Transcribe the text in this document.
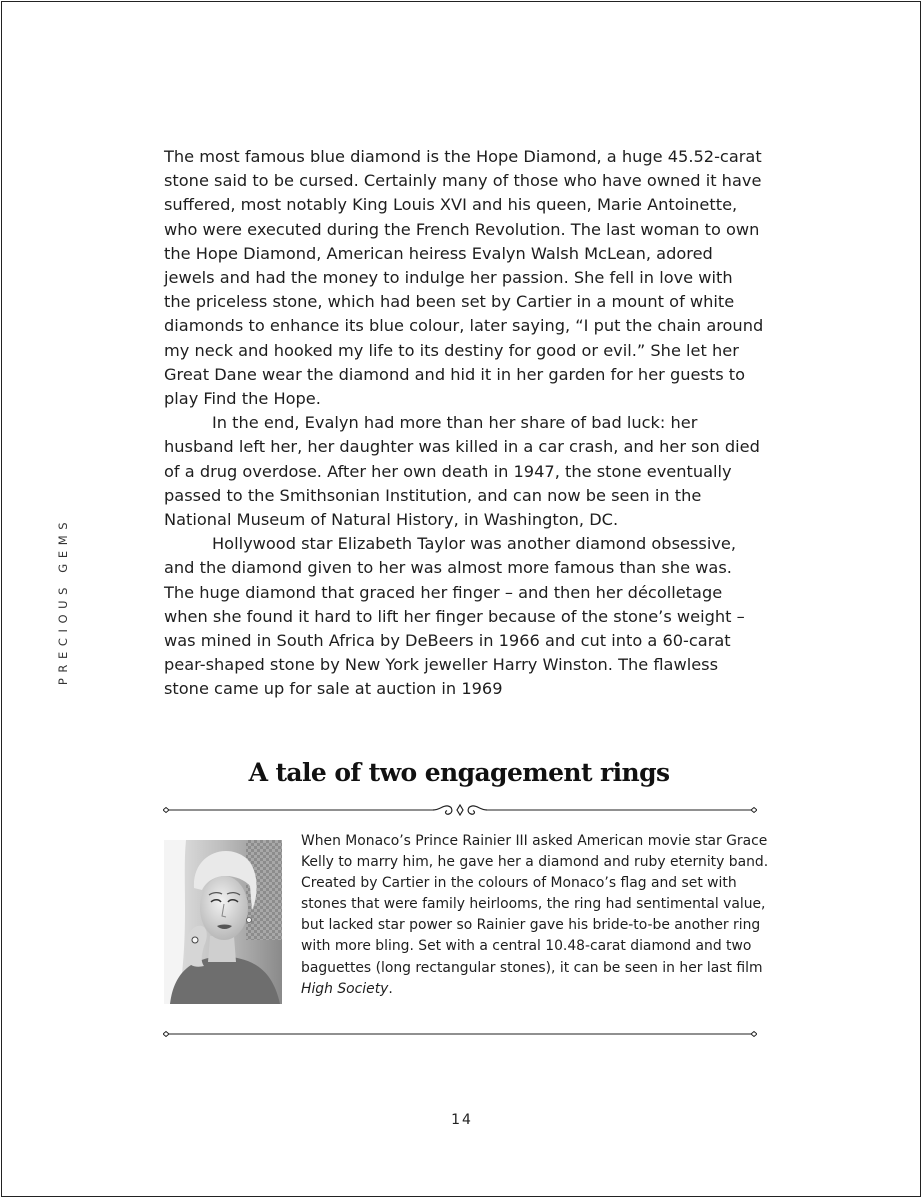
PRECIOUS GEMS

The most famous blue diamond is the Hope Diamond, a huge 45.52-carat stone said to be cursed. Certainly many of those who have owned it have suffered, most notably King Louis XVI and his queen, Marie Antoinette, who were executed during the French Revolution. The last woman to own the Hope Diamond, American heiress Evalyn Walsh McLean, adored jewels and had the money to indulge her passion. She fell in love with the priceless stone, which had been set by Cartier in a mount of white diamonds to enhance its blue colour, later saying, “I put the chain around my neck and hooked my life to its destiny for good or evil.” She let her Great Dane wear the diamond and hid it in her garden for her guests to play Find the Hope.

In the end, Evalyn had more than her share of bad luck: her husband left her, her daughter was killed in a car crash, and her son died of a drug overdose. After her own death in 1947, the stone eventually passed to the Smithsonian Institution, and can now be seen in the National Museum of Natural History, in Washington, DC.

Hollywood star Elizabeth Taylor was another diamond obsessive, and the diamond given to her was almost more famous than she was. The huge diamond that graced her finger – and then her décolletage when she found it hard to lift her finger because of the stone’s weight – was mined in South Africa by DeBeers in 1966 and cut into a 60-carat pear-shaped stone by New York jeweller Harry Winston. The flawless stone came up for sale at auction in 1969

A tale of two engagement rings

When Monaco’s Prince Rainier III asked American movie star Grace Kelly to marry him, he gave her a diamond and ruby eternity band. Created by Cartier in the colours of Monaco’s flag and set with stones that were family heirlooms, the ring had sentimental value, but lacked star power so Rainier gave his bride-to-be another ring with more bling. Set with a central 10.48-carat diamond and two baguettes (long rectangular stones), it can be seen in her last film High Society.

14
